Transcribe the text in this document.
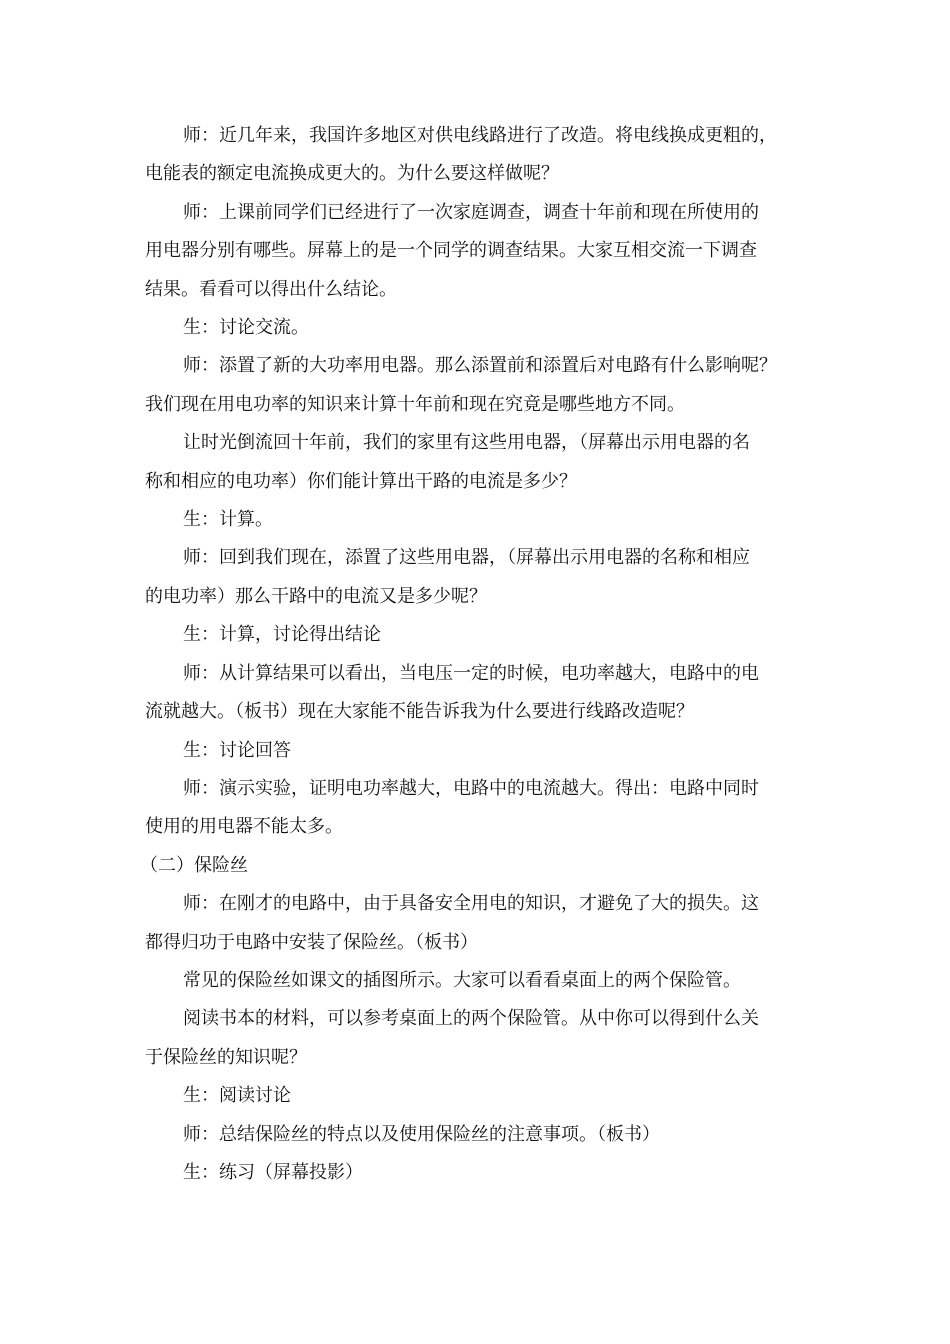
师：近几年来，我国许多地区对供电线路进行了改造。将电线换成更粗的，
电能表的额定电流换成更大的。为什么要这样做呢？

师：上课前同学们已经进行了一次家庭调查，调查十年前和现在所使用的
用电器分别有哪些。屏幕上的是一个同学的调查结果。大家互相交流一下调查
结果。看看可以得出什么结论。

生：讨论交流。

师：添置了新的大功率用电器。那么添置前和添置后对电路有什么影响呢？
我们现在用电功率的知识来计算十年前和现在究竟是哪些地方不同。

让时光倒流回十年前，我们的家里有这些用电器，（屏幕出示用电器的名
称和相应的电功率）你们能计算出干路的电流是多少？

生：计算。

师：回到我们现在，添置了这些用电器，（屏幕出示用电器的名称和相应
的电功率）那么干路中的电流又是多少呢？

生：计算，讨论得出结论

师：从计算结果可以看出，当电压一定的时候，电功率越大，电路中的电
流就越大。（板书）现在大家能不能告诉我为什么要进行线路改造呢？

生：讨论回答

师：演示实验，证明电功率越大，电路中的电流越大。得出：电路中同时
使用的用电器不能太多。

（二）保险丝

师：在刚才的电路中，由于具备安全用电的知识，才避免了大的损失。这
都得归功于电路中安装了保险丝。（板书）

常见的保险丝如课文的插图所示。大家可以看看桌面上的两个保险管。

阅读书本的材料，可以参考桌面上的两个保险管。从中你可以得到什么关
于保险丝的知识呢？

生：阅读讨论

师：总结保险丝的特点以及使用保险丝的注意事项。（板书）

生：练习（屏幕投影）
